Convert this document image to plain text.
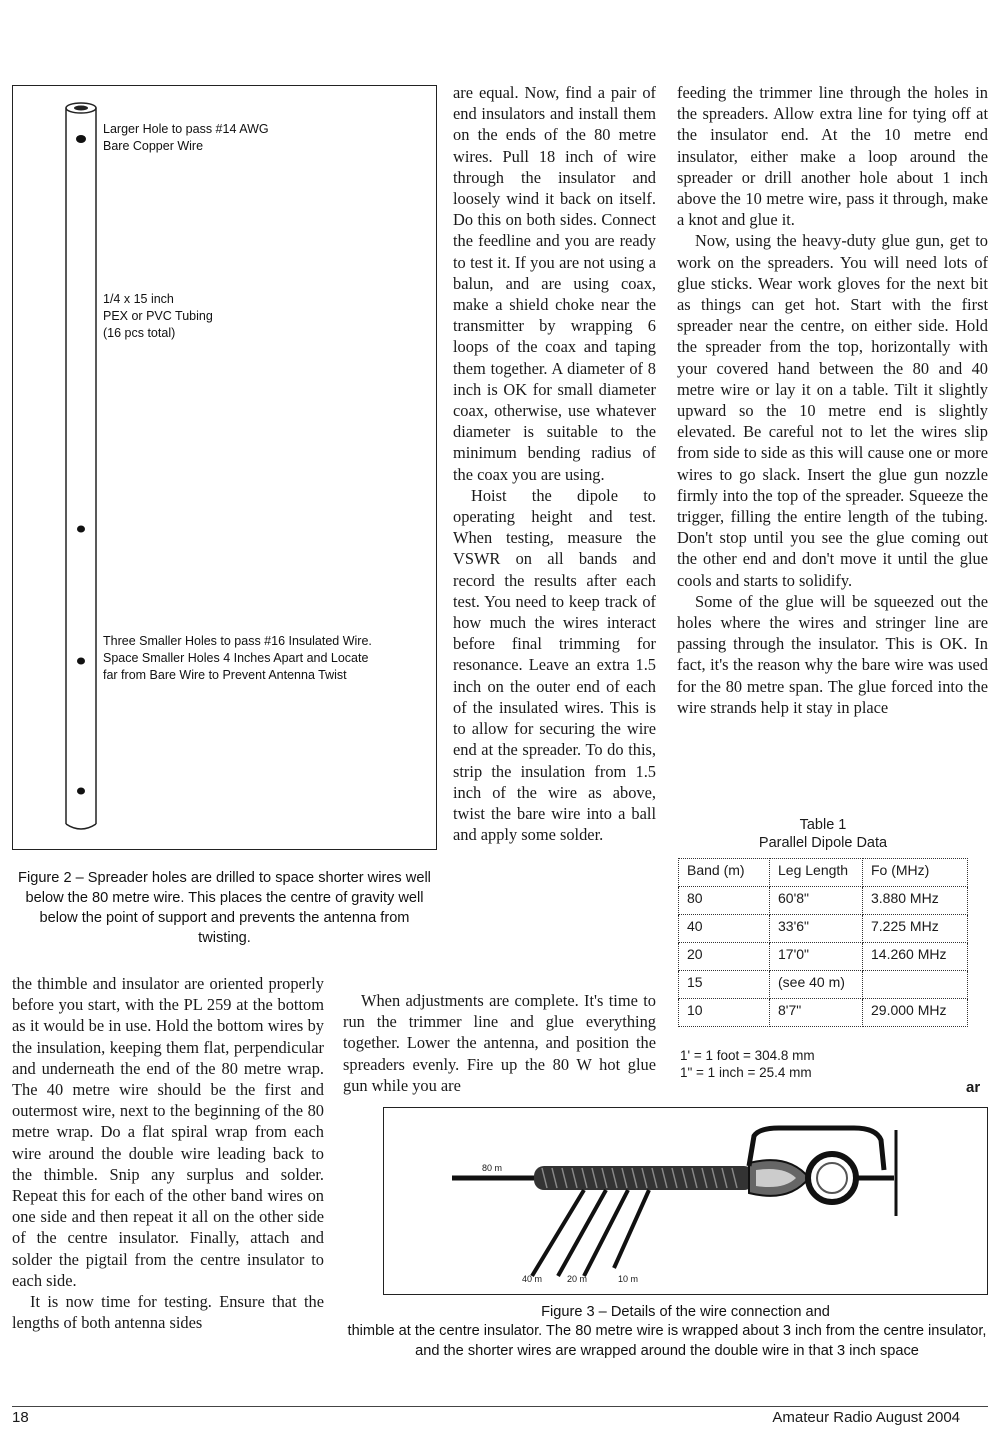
Larger Hole to pass #14 AWG
Bare Copper Wire
1/4 x 15 inch
PEX or PVC Tubing
(16 pcs total)
Three Smaller Holes to pass #16 Insulated Wire.
Space Smaller Holes 4 Inches Apart and Locate
far from Bare Wire to Prevent Antenna Twist
Figure 2 – Spreader holes are drilled to space shorter wires well below the 80 metre wire. This places the centre of gravity well below the point of support and prevents the antenna from twisting.

the thimble and insulator are oriented properly before you start, with the PL 259 at the bottom as it would be in use. Hold the bottom wires by the insulation, keeping them flat, perpendicular and underneath the end of the 80 metre wrap. The 40 metre wire should be the first and outermost wire, next to the beginning of the 80 metre wrap. Do a flat spiral wrap from each wire around the double wire leading back to the thimble. Snip any surplus and solder. Repeat this for each of the other band wires on one side and then repeat it all on the other side of the centre insulator. Finally, attach and solder the pigtail from the centre insulator to each side.

It is now time for testing. Ensure that the lengths of both antenna sides

are equal. Now, find a pair of end insulators and install them on the ends of the 80 metre wires. Pull 18 inch of wire through the insulator and loosely wind it back on itself. Do this on both sides. Connect the feedline and you are ready to test it. If you are not using a balun, and are using coax, make a shield choke near the transmitter by wrapping 6 loops of the coax and taping them together. A diameter of 8 inch is OK for small diameter coax, otherwise, use whatever diameter is suitable to the minimum bending radius of the coax you are using.

Hoist the dipole to operating height and test. When testing, measure the VSWR on all bands and record the results after each test. You need to keep track of how much the wires interact before final trimming for resonance. Leave an extra 1.5 inch on the outer end of each of the insulated wires. This is to allow for securing the wire end at the spreader. To do this, strip the insulation from 1.5 inch of the wire as above, twist the bare wire into a ball and apply some solder.

When adjustments are complete. It's time to run the trimmer line and glue everything together. Lower the antenna, and position the spreaders evenly. Fire up the 80 W hot glue gun while you are

feeding the trimmer line through the holes in the spreaders. Allow extra line for tying off at the insulator end. At the 10 metre end insulator, either make a loop around the spreader or drill another hole about 1 inch above the 10 metre wire, pass it through, make a knot and glue it.

Now, using the heavy-duty glue gun, get to work on the spreaders. You will need lots of glue sticks. Wear work gloves for the next bit as things can get hot. Start with the first spreader near the centre, on either side. Hold the spreader from the top, horizontally with your covered hand between the 80 and 40 metre wire or lay it on a table. Tilt it slightly upward so the 10 metre end is slightly elevated. Be careful not to let the wires slip from side to side as this will cause one or more wires to go slack. Insert the glue gun nozzle firmly into the top of the spreader. Squeeze the trigger, filling the entire length of the tubing. Don't stop until you see the glue coming out the other end and don't move it until the glue cools and starts to solidify.

Some of the glue will be squeezed out the holes where the wires and stringer line are passing through the insulator. This is OK. In fact, it's the reason why the bare wire was used for the 80 metre span. The glue forced into the wire strands help it stay in place

Table 1
Parallel Dipole Data
Band (m)	Leg Length	Fo (MHz)
80	60'8"	3.880 MHz
40	33'6"	7.225 MHz
20	17'0"	14.260 MHz
15	(see 40 m)	
10	8'7"	29.000 MHz
1' = 1 foot = 304.8 mm
1" = 1 inch = 25.4 mm
ar
80 m
40 m	20 m	10 m
Figure 3 – Details of the wire connection and
thimble at the centre insulator. The 80 metre wire is wrapped about 3 inch from the centre insulator, and the shorter wires are wrapped around the double wire in that 3 inch space
18	Amateur Radio August 2004
